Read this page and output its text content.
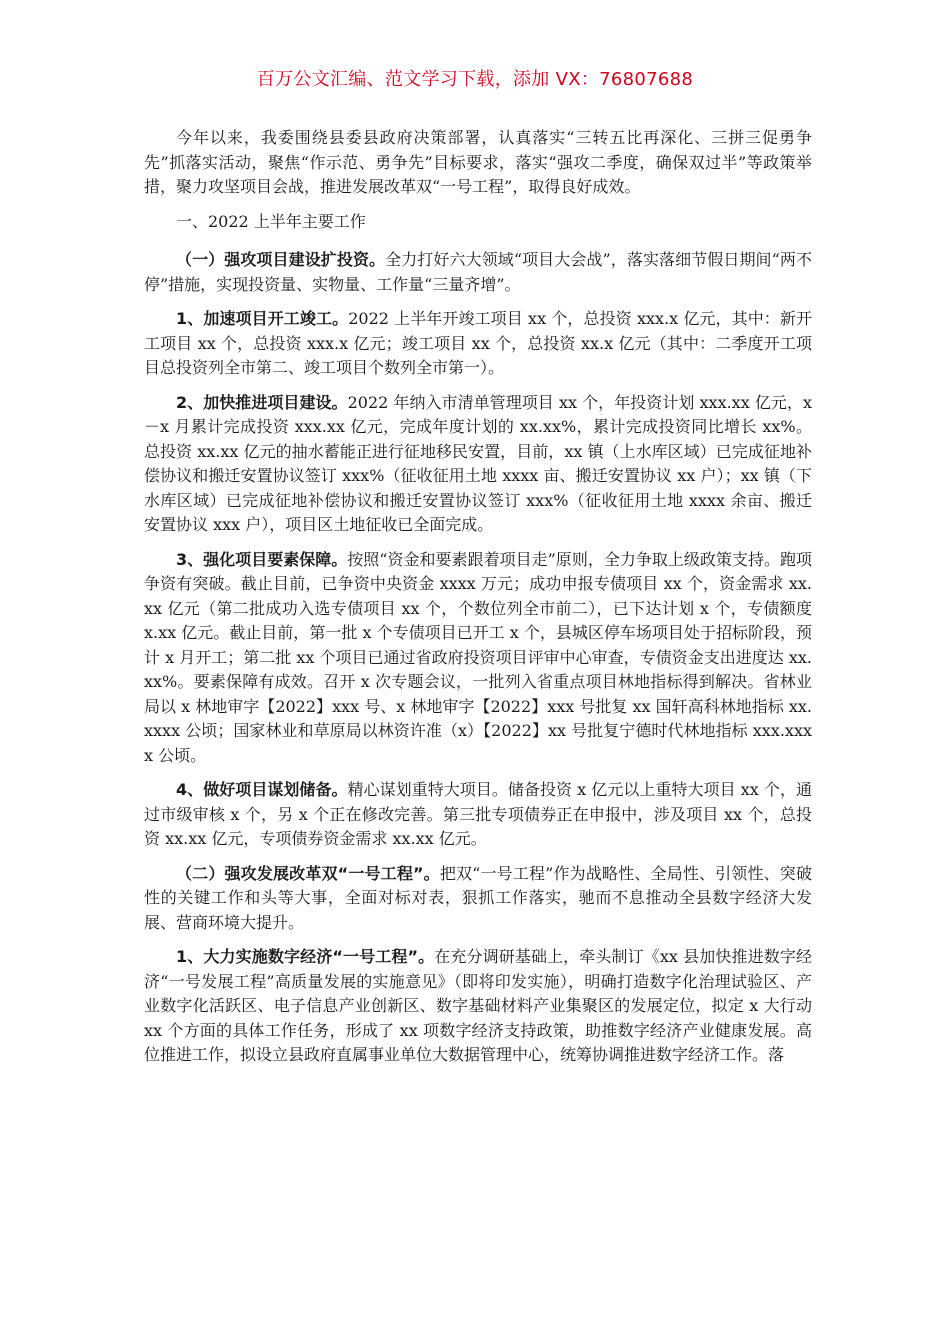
百万公文汇编、范文学习下载，添加 VX：76807688

今年以来，我委围绕县委县政府决策部署，认真落实“三转五比再深化、三拼三促勇争先”抓落实活动，聚焦“作示范、勇争先”目标要求，落实“强攻二季度，确保双过半”等政策举措，聚力攻坚项目会战，推进发展改革双“一号工程”，取得良好成效。

一、2022 上半年主要工作

（一）强攻项目建设扩投资。全力打好六大领域“项目大会战”，落实落细节假日期间“两不停”措施，实现投资量、实物量、工作量“三量齐增”。

1、加速项目开工竣工。2022 上半年开竣工项目 xx 个，总投资 xxx.x 亿元，其中：新开工项目 xx 个，总投资 xxx.x 亿元；竣工项目 xx 个，总投资 xx.x 亿元（其中：二季度开工项目总投资列全市第二、竣工项目个数列全市第一）。

2、加快推进项目建设。2022 年纳入市清单管理项目 xx 个，年投资计划 xxx.xx 亿元，x－x 月累计完成投资 xxx.xx 亿元，完成年度计划的 xx.xx%，累计完成投资同比增长 xx%。总投资 xx.xx 亿元的抽水蓄能正进行征地移民安置，目前，xx 镇（上水库区域）已完成征地补偿协议和搬迁安置协议签订 xxx%（征收征用土地 xxxx 亩、搬迁安置协议 xx 户）；xx 镇（下水库区域）已完成征地补偿协议和搬迁安置协议签订 xxx%（征收征用土地 xxxx 余亩、搬迁安置协议 xxx 户），项目区土地征收已全面完成。

3、强化项目要素保障。按照“资金和要素跟着项目走”原则，全力争取上级政策支持。跑项争资有突破。截止目前，已争资中央资金 xxxx 万元；成功申报专债项目 xx 个，资金需求 xx.xx 亿元（第二批成功入选专债项目 xx 个，个数位列全市前二），已下达计划 x 个，专债额度 x.xx 亿元。截止目前，第一批 x 个专债项目已开工 x 个，县城区停车场项目处于招标阶段，预计 x 月开工；第二批 xx 个项目已通过省政府投资项目评审中心审查，专债资金支出进度达 xx.xx%。要素保障有成效。召开 x 次专题会议，一批列入省重点项目林地指标得到解决。省林业局以 x 林地审字【2022】xxx 号、x 林地审字【2022】xxx 号批复 xx 国轩高科林地指标 xx.xxxx 公顷；国家林业和草原局以林资许准（x）【2022】xx 号批复宁德时代林地指标 xxx.xxxx 公顷。

4、做好项目谋划储备。精心谋划重特大项目。储备投资 x 亿元以上重特大项目 xx 个，通过市级审核 x 个，另 x 个正在修改完善。第三批专项债券正在申报中，涉及项目 xx 个，总投资 xx.xx 亿元，专项债券资金需求 xx.xx 亿元。

（二）强攻发展改革双“一号工程”。把双“一号工程”作为战略性、全局性、引领性、突破性的关键工作和头等大事，全面对标对表，狠抓工作落实，驰而不息推动全县数字经济大发展、营商环境大提升。

1、大力实施数字经济“一号工程”。在充分调研基础上，牵头制订《xx 县加快推进数字经济“一号发展工程”高质量发展的实施意见》（即将印发实施），明确打造数字化治理试验区、产业数字化活跃区、电子信息产业创新区、数字基础材料产业集聚区的发展定位，拟定 x 大行动 xx 个方面的具体工作任务，形成了 xx 项数字经济支持政策，助推数字经济产业健康发展。高位推进工作，拟设立县政府直属事业单位大数据管理中心，统筹协调推进数字经济工作。落
